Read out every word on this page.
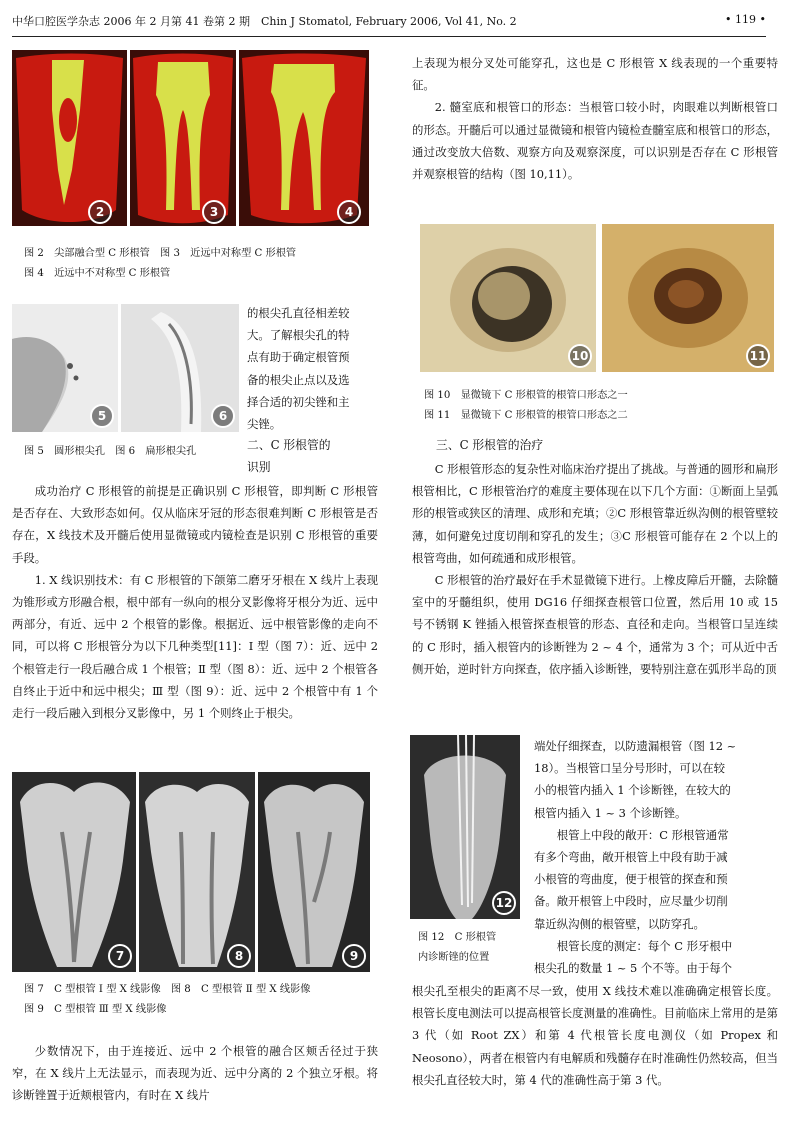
中华口腔医学杂志 2006 年 2 月第 41 卷第 2 期　Chin J Stomatol, February 2006, Vol 41, No. 2	• 119 •
2	3	4
图 2　尖部融合型 C 形根管　图 3　近远中对称型 C 形根管
图 4　近远中不对称型 C 形根管
5	6

的根尖孔直径相差较

大。了解根尖孔的特

点有助于确定根管预

备的根尖止点以及选

择合适的初尖锉和主

尖锉。

图 5　圆形根尖孔　图 6　扁形根尖孔	二、C 形根管的
识别

成功治疗 C 形根管的前提是正确识别 C 形根管，即判断 C 形根管是否存在、大致形态如何。仅从临床牙冠的形态很难判断 C 形根管是否存在，X 线技术及开髓后使用显微镜或内镜检查是识别 C 形根管的重要手段。

1. X 线识别技术：有 C 形根管的下颌第二磨牙牙根在 X 线片上表现为锥形或方形融合根，根中部有一纵向的根分叉影像将牙根分为近、远中两部分，有近、远中 2 个根管的影像。根据近、远中根管影像的走向不同，可以将 C 形根管分为以下几种类型[11]：Ⅰ 型（图 7）：近、远中 2 个根管走行一段后融合成 1 个根管；Ⅱ 型（图 8）：近、远中 2 个根管各自终止于近中和远中根尖；Ⅲ 型（图 9）：近、远中 2 个根管中有 1 个走行一段后融入到根分叉影像中，另 1 个则终止于根尖。

7	8	9
图 7　C 型根管 Ⅰ 型 X 线影像　图 8　C 型根管 Ⅱ 型 X 线影像
图 9　C 型根管 Ⅲ 型 X 线影像

少数情况下，由于连接近、远中 2 个根管的融合区颊舌径过于狭窄，在 X 线片上无法显示，而表现为近、远中分离的 2 个独立牙根。将诊断锉置于近颊根管内，有时在 X 线片

上表现为根分叉处可能穿孔，这也是 C 形根管 X 线表现的一个重要特征。

2. 髓室底和根管口的形态：当根管口较小时，肉眼难以判断根管口的形态。开髓后可以通过显微镜和根管内镜检查髓室底和根管口的形态，通过改变放大倍数、观察方向及观察深度，可以识别是否存在 C 形根管并观察根管的结构（图 10,11）。

10	11
图 10　显微镜下 C 形根管的根管口形态之一
图 11　显微镜下 C 形根管的根管口形态之二
三、C 形根管的治疗

C 形根管形态的复杂性对临床治疗提出了挑战。与普通的圆形和扁形根管相比，C 形根管治疗的难度主要体现在以下几个方面：①断面上呈弧形的根管或狭区的清理、成形和充填；②C 形根管靠近纵沟侧的根管壁较薄，如何避免过度切削和穿孔的发生；③C 形根管可能存在 2 个以上的根管弯曲，如何疏通和成形根管。

C 形根管的治疗最好在手术显微镜下进行。上橡皮障后开髓，去除髓室中的牙髓组织，使用 DG16 仔细探查根管口位置，然后用 10 或 15 号不锈钢 K 锉插入根管探查根管的形态、直径和走向。当根管口呈连续的 C 形时，插入根管内的诊断锉为 2 ~ 4 个，通常为 3 个；可从近中舌侧开始，逆时针方向探查，依序插入诊断锉，要特别注意在弧形半岛的顶

12
图 12　C 形根管
内诊断锉的位置

端处仔细探查，以防遗漏根管（图 12 ~

18）。当根管口呈分号形时，可以在较

小的根管内插入 1 个诊断锉，在较大的

根管内插入 1 ~ 3 个诊断锉。

　　根管上中段的敞开：C 形根管通常

有多个弯曲，敞开根管上中段有助于减

小根管的弯曲度，便于根管的探查和预

备。敞开根管上中段时，应尽量少切削

靠近纵沟侧的根管壁，以防穿孔。

　　根管长度的测定：每个 C 形牙根中

根尖孔的数量 1 ~ 5 个不等。由于每个

根尖孔至根尖的距离不尽一致，使用 X 线技术难以准确确定根管长度。根管长度电测法可以提高根管长度测量的准确性。目前临床上常用的是第 3 代（如 Root ZX）和第 4 代根管长度电测仪（如 Propex 和 Neosono），两者在根管内有电解质和残髓存在时准确性仍然较高，但当根尖孔直径较大时，第 4 代的准确性高于第 3 代。
